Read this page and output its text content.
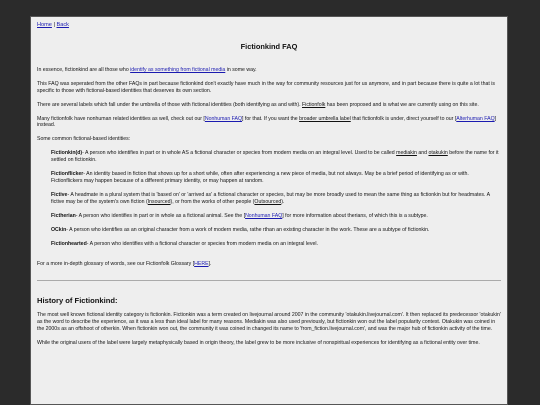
Home | Back
Fictionkind FAQ

In essence, fictionkind are all those who identify as something from fictional media in some way.

This FAQ was seperated from the other FAQs in part because fictionkind don't exactly have much in the way for community resources just for us anymore, and in part because there is quite a lot that is specific to those with fictional-based identities that deserves its own section.

There are several labels which fall under the umbrella of those with fictional identities (both identifying as and with). Fictionfolk has been proposed and is what we are currently using on this site.

Many fictionfolk have nonhuman related identities as well, check out our [Nonhuman FAQ] for that. If you want the broader umbrella label that fictionfolk is under, direct yourself to our [Alterhuman FAQ] instead.

Some common fictional-based identities:

Fictionkin(d)- A person who identifies in part or in whole AS a fictional character or species from modern media on an integral level. Used to be called mediakin and otakukin before the name for it settled on fictionkin.
Fictionflicker- An identity based in fiction that shows up for a short while, often after experiencing a new piece of media, but not always. May be a brief period of identifying as or with. Fictionflickers may happen because of a different primary identity, or may happen at random.
Fictive- A headmate in a plural system that is 'based on' or 'arrived as' a fictional character or species, but may be more broadly used to mean the same thing as fictionkin but for headmates. A fictive may be of the system's own fiction (Insourced), or from the works of other people (Outsourced).
Fictherian- A person who identifies in part or in whole as a fictional animal. See the [Nonhuman FAQ] for more information about therians, of which this is a subtype.
OCkin- A person who identifies as an original character from a work of modern media, rathe rthan an existing character in the work. These are a subtype of fictionkin.
Fictionhearted- A person who identifies with a fictional character or species from modern media on an integral level.

For a more in-depth glossary of words, see our Fictionfolk Glossary [HERE].

History of Fictionkind:

The most well known fictional identity category is fictionkin. Fictionkin was a term created on livejournal around 2007 in the community 'otakukin.livejournal.com'. It then replaced its predecessor 'otakukin' as the word to describe the experience, as it was a less than ideal label for many reasons. Mediakin was also used previously, but fictionkin won out the label popularity contest. Otakukin was coined in the 2000s as an offshoot of otherkin. When fictionkin won out, the community it was coined in changed its name to 'from_fiction.livejournal.com', and was the major hub of fictionkin activity of the time.

While the original users of the label were largely metaphysically based in origin theory, the label grew to be more inclusive of nonspiritual experiences for identifying as a fictional entity over time.
